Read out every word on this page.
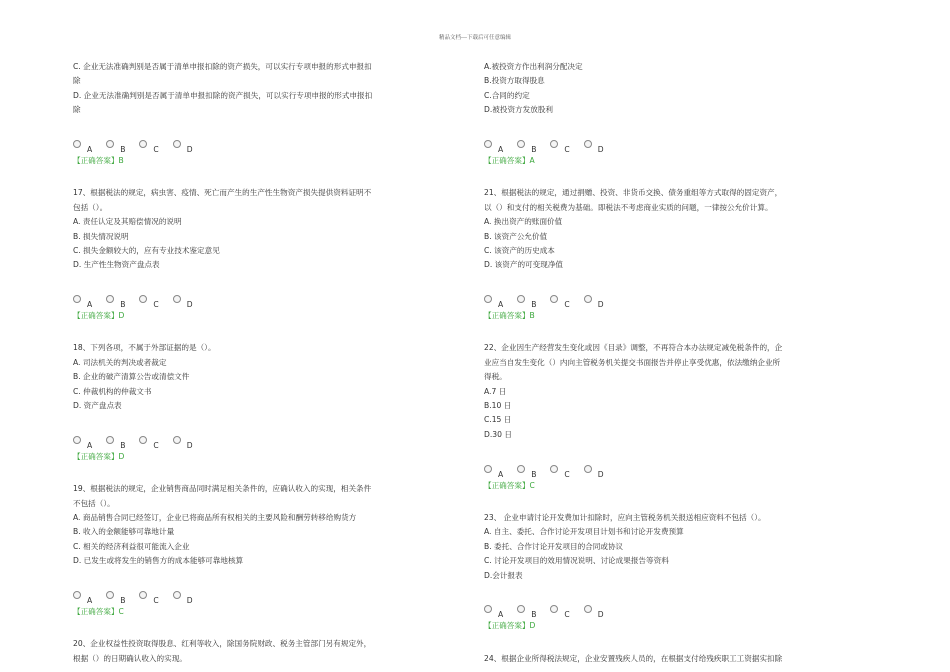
精品文档---下载后可任意编辑
C. 企业无法准确判别是否属于清单申报扣除的资产损失，可以实行专项申报的形式申报扣
除
D. 企业无法准确判别是否属于清单申报扣除的资产损失，可以实行专项申报的形式申报扣
除
A	B	C	D
【正确答案】B
17、根据税法的规定，病虫害、疫情、死亡而产生的生产性生物资产损失提供资料证明不
包括（）。
A. 责任认定及其赔偿情况的说明
B. 损失情况说明
C. 损失金额较大的，应有专业技术鉴定意见
D. 生产性生物资产盘点表
A	B	C	D
【正确答案】D
18、下列各项，不属于外部证据的是（）。
A. 司法机关的判决或者裁定
B. 企业的破产清算公告或清偿文件
C. 仲裁机构的仲裁文书
D. 资产盘点表
A	B	C	D
【正确答案】D
19、根据税法的规定，企业销售商品同时满足相关条件的，应确认收入的实现，相关条件
不包括（）。
A. 商品销售合同已经签订，企业已将商品所有权相关的主要风险和酬劳转移给购货方
B. 收入的金额能够可靠地计量
C. 相关的经济利益很可能流入企业
D. 已发生或将发生的销售方的成本能够可靠地核算
A	B	C	D
【正确答案】C
20、企业权益性投资取得股息、红利等收入，除国务院财政、税务主管部门另有规定外，
根据（）的日期确认收入的实现。
A.被投资方作出利润分配决定
B.投资方取得股息
C.合同的约定
D.被投资方发放股利
A	B	C	D
【正确答案】A
21、根据税法的规定，通过捐赠、投资、非货币交换、债务重组等方式取得的固定资产，
以（）和支付的相关税费为基础。即税法不考虑商业实质的问题，一律按公允价计算。
A. 换出资产的账面价值
B. 该资产公允价值
C. 该资产的历史成本
D. 该资产的可变现净值
A	B	C	D
【正确答案】B
22、企业因生产经营发生变化或因《目录》调整，不再符合本办法规定减免税条件的，企
业应当自发生变化（）内向主管税务机关提交书面报告并停止享受优惠，依法缴纳企业所
得税。
A.7 日
B.10 日
C.15 日
D.30 日
A	B	C	D
【正确答案】C
23、 企业申请讨论开发费加计扣除时，应向主管税务机关报送相应资料不包括（）。
A. 自主、委托、合作讨论开发项目计划书和讨论开发费预算
B. 委托、合作讨论开发项目的合同或协议
C. 讨论开发项目的效用情况说明、讨论成果报告等资料
D.会计报表
A	B	C	D
【正确答案】D
24、根据企业所得税法规定，企业安置残疾人员的，在根据支付给残疾职工工资据实扣除
